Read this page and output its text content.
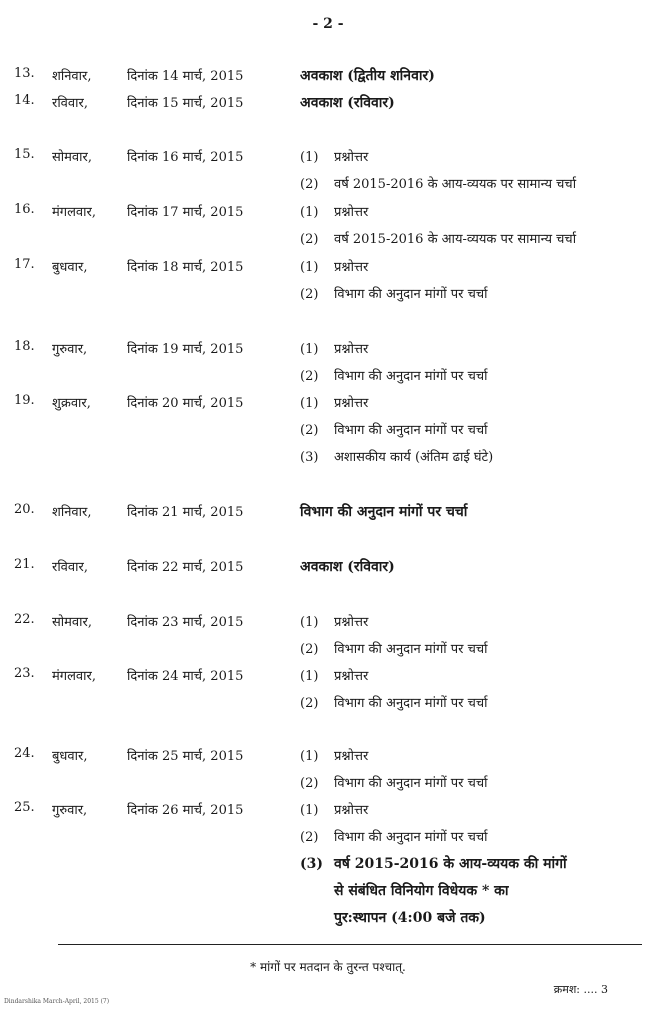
- 2 -
13. शनिवार,	दिनांक 14 मार्च, 2015	अवकाश (द्वितीय शनिवार)
14. रविवार,	दिनांक 15 मार्च, 2015	अवकाश (रविवार)
15. सोमवार,	दिनांक 16 मार्च, 2015	(1) प्रश्नोत्तर
(2) वर्ष 2015-2016 के आय-व्ययक पर सामान्य चर्चा
16. मंगलवार, दिनांक 17 मार्च, 2015	(1) प्रश्नोत्तर
(2) वर्ष 2015-2016 के आय-व्ययक पर सामान्य चर्चा
17. बुधवार,	दिनांक 18 मार्च, 2015	(1) प्रश्नोत्तर
(2) विभाग की अनुदान मांगों पर चर्चा
18. गुरुवार,	दिनांक 19 मार्च, 2015	(1) प्रश्नोत्तर
(2) विभाग की अनुदान मांगों पर चर्चा
19. शुक्रवार,	दिनांक 20 मार्च, 2015	(1) प्रश्नोत्तर
(2) विभाग की अनुदान मांगों पर चर्चा
(3) अशासकीय कार्य (अंतिम ढाई घंटे)
20. शनिवार,	दिनांक 21 मार्च, 2015	विभाग की अनुदान मांगों पर चर्चा
21. रविवार,	दिनांक 22 मार्च, 2015	अवकाश (रविवार)
22. सोमवार,	दिनांक 23 मार्च, 2015	(1) प्रश्नोत्तर
(2) विभाग की अनुदान मांगों पर चर्चा
23. मंगलवार, दिनांक 24 मार्च, 2015	(1) प्रश्नोत्तर
(2) विभाग की अनुदान मांगों पर चर्चा
24. बुधवार,	दिनांक 25 मार्च, 2015	(1) प्रश्नोत्तर
(2) विभाग की अनुदान मांगों पर चर्चा
25. गुरुवार,	दिनांक 26 मार्च, 2015	(1) प्रश्नोत्तर
(2) विभाग की अनुदान मांगों पर चर्चा
(3) वर्ष 2015-2016 के आय-व्ययक की मांगों
से संबंधित विनियोग विधेयक * का
पुर:स्थापन (4:00 बजे तक)
* मांगों पर मतदान के तुरन्त पश्चात्.
क्रमश: .... 3
Dindarshika March-April, 2015 (7)
